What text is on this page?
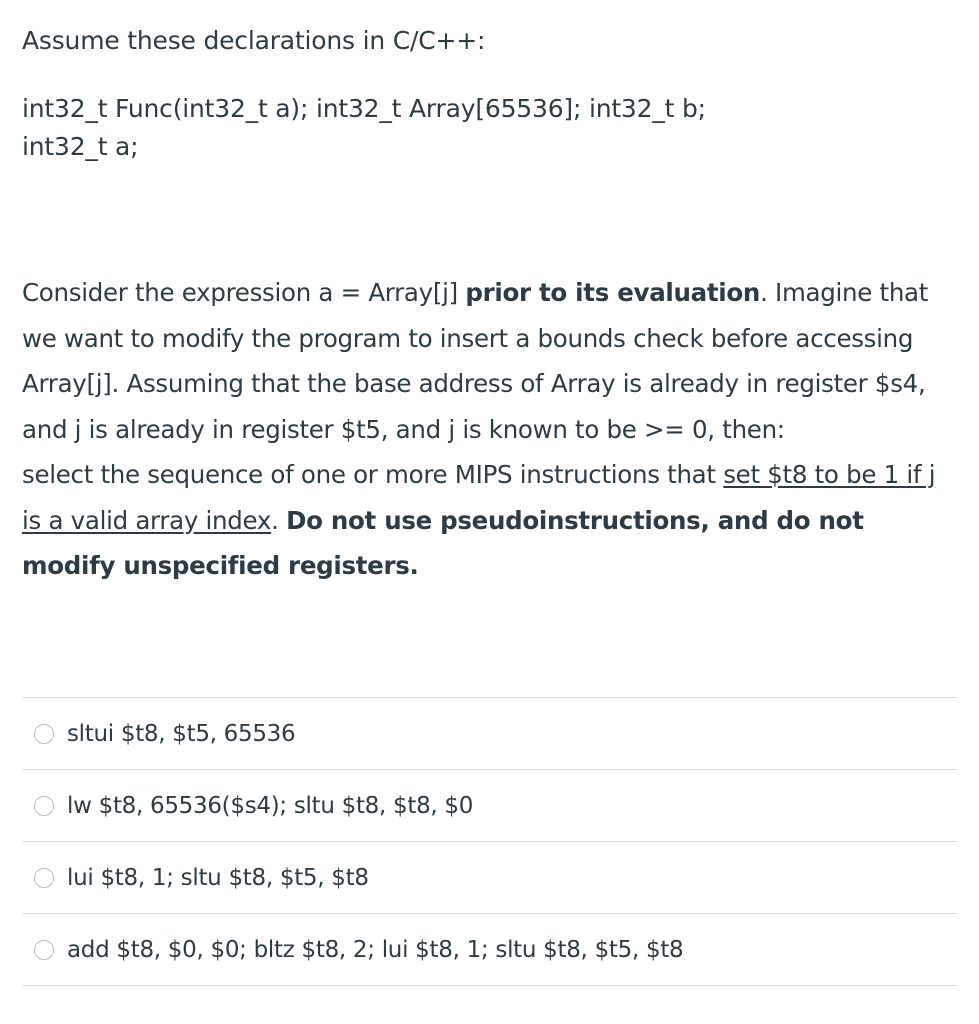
Assume these declarations in C/C++:
int32_t Func(int32_t a); int32_t Array[65536]; int32_t b;
int32_t a;

Consider the expression a = Array[j] prior to its evaluation. Imagine that we want to modify the program to insert a bounds check before accessing Array[j]. Assuming that the base address of Array is already in register $s4, and j is already in register $t5, and j is known to be >= 0, then:

select the sequence of one or more MIPS instructions that set $t8 to be 1 if j is a valid array index. Do not use pseudoinstructions, and do not modify unspecified registers.

sltui $t8, $t5, 65536
lw $t8, 65536($s4); sltu $t8, $t8, $0
lui $t8, 1; sltu $t8, $t5, $t8
add $t8, $0, $0; bltz $t8, 2; lui $t8, 1; sltu $t8, $t5, $t8
